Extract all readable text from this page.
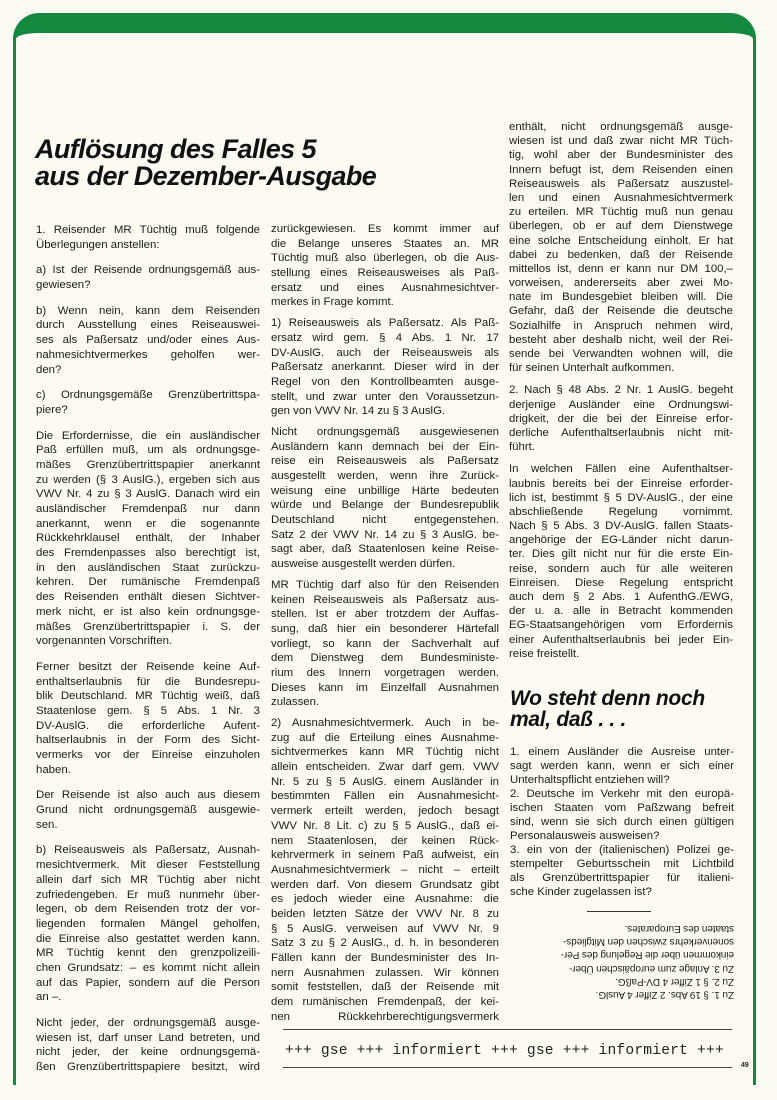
Auflösung des Falles 5
aus der Dezember-Ausgabe
1. Reisender MR Tüchtig muß folgende
Überlegungen anstellen:
a) Ist der Reisende ordnungsgemäß aus-
gewiesen?
b) Wenn nein, kann dem Reisenden
durch Ausstellung eines Reiseauswei-
ses als Paßersatz und/oder eines Aus-
nahmesichtvermerkes geholfen wer-
den?
c) Ordnungsgemäße Grenzübertrittspa-
piere?
Die Erfordernisse, die ein ausländischer
Paß erfüllen muß, um als ordnungsge-
mäßes Grenzübertrittspapier anerkannt
zu werden (§ 3 AuslG.), ergeben sich aus
VWV Nr. 4 zu § 3 AuslG. Danach wird ein
ausländischer Fremdenpaß nur dann
anerkannt, wenn er die sogenannte
Rückkehrklausel enthält, der Inhaber
des Fremdenpasses also berechtigt ist,
in den ausländischen Staat zurückzu-
kehren. Der rumänische Fremdenpaß
des Reisenden enthält diesen Sichtver-
merk nicht, er ist also kein ordnungsge-
mäßes Grenzübertrittspapier i. S. der
vorgenannten Vorschriften.
Ferner besitzt der Reisende keine Auf-
enthaltserlaubnis für die Bundesrepu-
blik Deutschland. MR Tüchtig weiß, daß
Staatenlose gem. § 5 Abs. 1 Nr. 3
DV-AuslG. die erforderliche Aufent-
haltserlaubnis in der Form des Sicht-
vermerks vor der Einreise einzuholen
haben.
Der Reisende ist also auch aus diesem
Grund nicht ordnungsgemäß ausgewie-
sen.
b) Reiseausweis als Paßersatz, Ausnah-
mesichtvermerk. Mit dieser Feststellung
allein darf sich MR Tüchtig aber nicht
zufriedengeben. Er muß nunmehr über-
legen, ob dem Reisenden trotz der vor-
liegenden formalen Mängel geholfen,
die Einreise also gestattet werden kann.
MR Tüchtig kennt den grenzpolizeili-
chen Grundsatz: – es kommt nicht allein
auf das Papier, sondern auf die Person
an –.
Nicht jeder, der ordnungsgemäß ausge-
wiesen ist, darf unser Land betreten, und
nicht jeder, der keine ordnungsgemä-
ßen Grenzübertrittspapiere besitzt, wird
zurückgewiesen. Es kommt immer auf
die Belange unseres Staates an. MR
Tüchtig muß also überlegen, ob die Aus-
stellung eines Reiseausweises als Paß-
ersatz und eines Ausnahmesichtver-
merkes in Frage kommt.
1) Reiseausweis als Paßersatz. Als Paß-
ersatz wird gem. § 4 Abs. 1 Nr. 17
DV-AuslG. auch der Reiseausweis als
Paßersatz anerkannt. Dieser wird in der
Regel von den Kontrollbeamten ausge-
stellt, und zwar unter den Voraussetzun-
gen von VWV Nr. 14 zu § 3 AuslG.
Nicht ordnungsgemäß ausgewiesenen
Ausländern kann demnach bei der Ein-
reise ein Reiseausweis als Paßersatz
ausgestellt werden, wenn ihre Zurück-
weisung eine unbillige Härte bedeuten
würde und Belange der Bundesrepublik
Deutschland nicht entgegenstehen.
Satz 2 der VWV Nr. 14 zu § 3 AuslG. be-
sagt aber, daß Staatenlosen keine Reise-
ausweise ausgestellt werden dürfen.
MR Tüchtig darf also für den Reisenden
keinen Reiseausweis als Paßersatz aus-
stellen. Ist er aber trotzdem der Auffas-
sung, daß hier ein besonderer Härtefall
vorliegt, so kann der Sachverhalt auf
dem Dienstweg dem Bundesministe-
rium des Innern vorgetragen werden.
Dieses kann im Einzelfall Ausnahmen
zulassen.
2) Ausnahmesichtvermerk. Auch in be-
zug auf die Erteilung eines Ausnahme-
sichtvermerkes kann MR Tüchtig nicht
allein entscheiden. Zwar darf gem. VWV
Nr. 5 zu § 5 AuslG. einem Ausländer in
bestimmten Fällen ein Ausnahmesicht-
vermerk erteilt werden, jedoch besagt
VWV Nr. 8 Lit. c) zu § 5 AuslG., daß ei-
nem Staatenlosen, der keinen Rück-
kehrvermerk in seinem Paß aufweist, ein
Ausnahmesichtvermerk – nicht – erteilt
werden darf. Von diesem Grundsatz gibt
es jedoch wieder eine Ausnahme: die
beiden letzten Sätze der VWV Nr. 8 zu
§ 5 AuslG. verweisen auf VWV Nr. 9
Satz 3 zu § 2 AuslG., d. h. in besonderen
Fällen kann der Bundesminister des In-
nern Ausnahmen zulassen. Wir können
somit feststellen, daß der Reisende mit
dem rumänischen Fremdenpaß, der kei-
nen Rückkehrberechtigungsvermerk
enthält, nicht ordnungsgemäß ausge-
wiesen ist und daß zwar nicht MR Tüch-
tig, wohl aber der Bundesminister des
Innern befugt ist, dem Reisenden einen
Reiseausweis als Paßersatz auszustel-
len und einen Ausnahmesichtvermerk
zu erteilen. MR Tüchtig muß nun genau
überlegen, ob er auf dem Dienstwege
eine solche Entscheidung einholt. Er hat
dabei zu bedenken, daß der Reisende
mittellos ist, denn er kann nur DM 100,–
vorweisen, andererseits aber zwei Mo-
nate im Bundesgebiet bleiben will. Die
Gefahr, daß der Reisende die deutsche
Sozialhilfe in Anspruch nehmen wird,
besteht aber deshalb nicht, weil der Rei-
sende bei Verwandten wohnen will, die
für seinen Unterhalt aufkommen.
2. Nach § 48 Abs. 2 Nr. 1 AuslG. begeht
derjenige Ausländer eine Ordnungswi-
drigkeit, der die bei der Einreise erfor-
derliche Aufenthaltserlaubnis nicht mit-
führt.
In welchen Fällen eine Aufenthaltser-
laubnis bereits bei der Einreise erforder-
lich ist, bestimmt § 5 DV-AuslG., der eine
abschließende Regelung vornimmt.
Nach § 5 Abs. 3 DV-AuslG. fallen Staats-
angehörige der EG-Länder nicht darun-
ter. Dies gilt nicht nur für die erste Ein-
reise, sondern auch für alle weiteren
Einreisen. Diese Regelung entspricht
auch dem § 2 Abs. 1 AufenthG./EWG,
der u. a. alle in Betracht kommenden
EG-Staatsangehörigen vom Erfordernis
einer Aufenthaltserlaubnis bei jeder Ein-
reise freistellt.
Wo steht denn noch
mal, daß . . .
1. einem Ausländer die Ausreise unter-
sagt werden kann, wenn er sich einer
Unterhaltspflicht entziehen will?
2. Deutsche im Verkehr mit den europä-
ischen Staaten vom Paßzwang befreit
sind, wenn sie sich durch einen gültigen
Personalausweis ausweisen?
3. ein von der (italienischen) Polizei ge-
stempelter Geburtsschein mit Lichtbild
als Grenzübertrittspapier für italieni-
sche Kinder zugelassen ist?
Zu 1. § 19 Abs. 2 Ziffer 4 AuslG.
Zu 2. § 1 Ziffer 4 DV-PaßG.
Zu 3. Anlage zum europäischen Über-
einkommen über die Regelung des Per-
sonenverkehrs zwischen den Mitglieds-
staaten des Europarates.
+++ gse +++ informiert +++ gse +++ informiert +++
49
